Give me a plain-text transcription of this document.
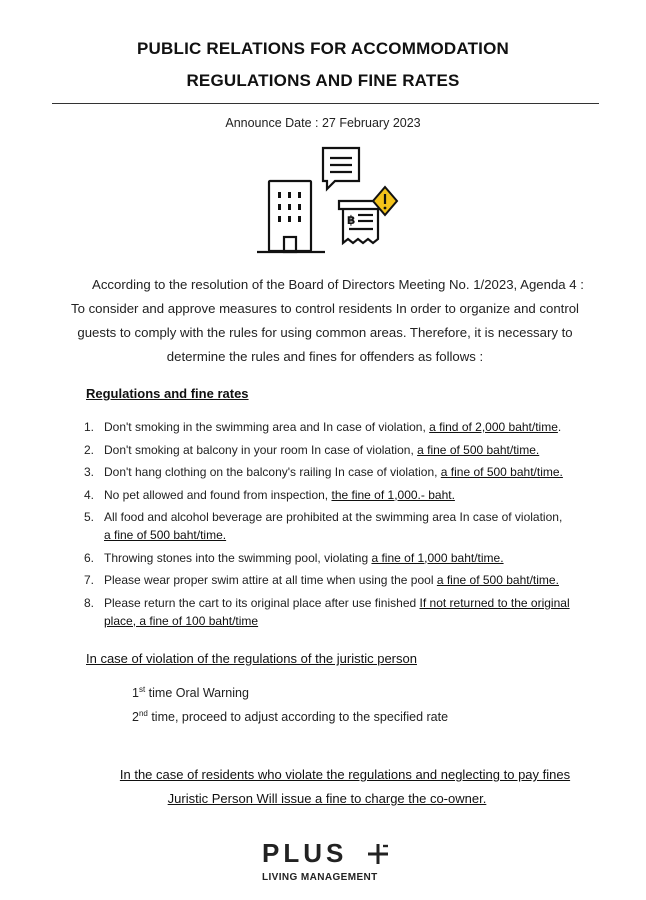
PUBLIC RELATIONS FOR ACCOMMODATION
REGULATIONS AND FINE RATES
Announce Date : 27 February 2023
฿
According to the resolution of the Board of Directors Meeting No. 1/2023, Agenda 4 :
To consider and approve measures to control residents In order to organize and control
guests to comply with the rules for using common areas. Therefore, it is necessary to
determine the rules and fines for offenders as follows :
Regulations and fine rates
1. Don't smoking in the swimming area and In case of violation, a find of 2,000 baht/time.
2. Don't smoking at balcony in your room In case of violation, a fine of 500 baht/time.
3. Don't hang clothing on the balcony's railing In case of violation, a fine of 500 baht/time.
4. No pet allowed and found from inspection, the fine of 1,000.- baht.
5. All food and alcohol beverage are prohibited at the swimming area In case of violation,
a fine of 500 baht/time.
6. Throwing stones into the swimming pool, violating a fine of 1,000 baht/time.
7. Please wear proper swim attire at all time when using the pool a fine of 500 baht/time.
8. Please return the cart to its original place after use finished If not returned to the original
place, a fine of 100 baht/time
In case of violation of the regulations of the juristic person
1st time Oral Warning
2nd time, proceed to adjust according to the specified rate
In the case of residents who violate the regulations and neglecting to pay fines
Juristic Person Will issue a fine to charge the co-owner.
PLUS
LIVING MANAGEMENT
